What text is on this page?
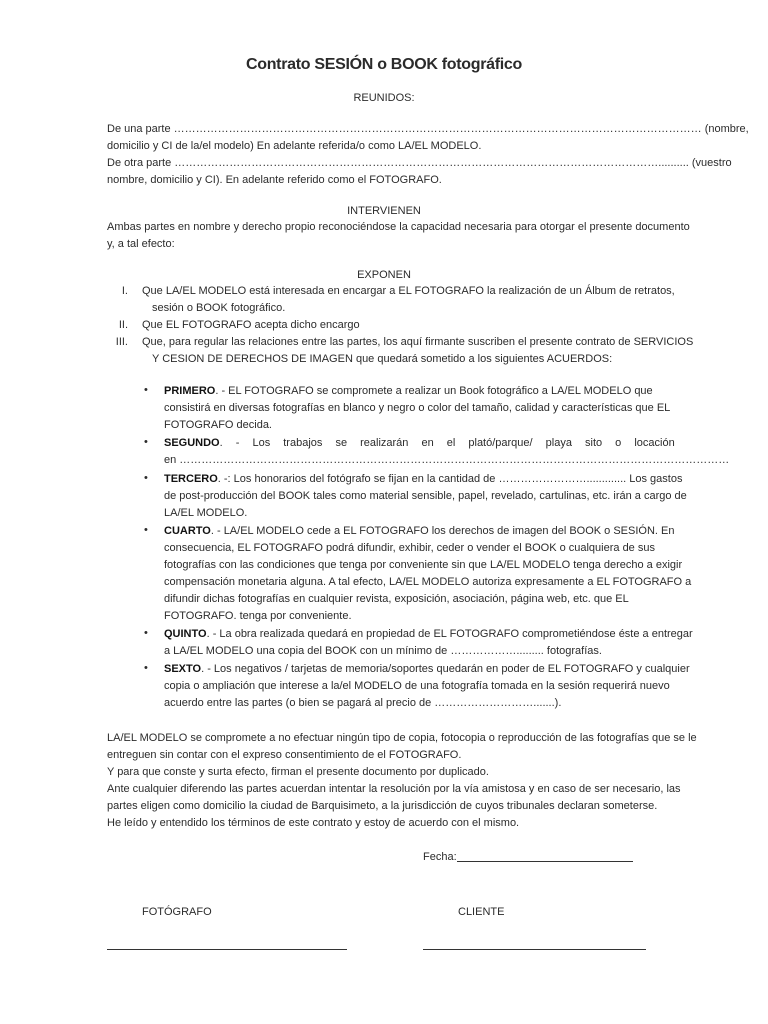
Contrato SESIÓN o BOOK fotográfico
REUNIDOS:
De una parte ……………………………………………………………………………………………………………………………… (nombre,
domicilio y CI de la/el modelo) En adelante referida/o como LA/EL MODELO.
De otra parte …………………………………………………………………………………………………………………….......... (vuestro
nombre, domicilio y CI). En adelante referido como el FOTOGRAFO.
INTERVIENEN
Ambas partes en nombre y derecho propio reconociéndose la capacidad necesaria para otorgar el presente documento
y, a tal efecto:
EXPONEN
I. Que LA/EL MODELO está interesada en encargar a EL FOTOGRAFO la realización de un Álbum de retratos,
sesión o BOOK fotográfico.
II. Que EL FOTOGRAFO acepta dicho encargo
III. Que, para regular las relaciones entre las partes, los aquí firmante suscriben el presente contrato de SERVICIOS
Y CESION DE DERECHOS DE IMAGEN que quedará sometido a los siguientes ACUERDOS:
• PRIMERO. - EL FOTOGRAFO se compromete a realizar un Book fotográfico a LA/EL MODELO que
consistirá en diversas fotografías en blanco y negro o color del tamaño, calidad y características que EL
FOTOGRAFO decida.
• SEGUNDO. - Los trabajos se realizarán en el plató/parque/ playa sito o locación
en ……………………………………………………………………………………………………………………………………
• TERCERO. -: Los honorarios del fotógrafo se fijan en la cantidad de ……………………............. Los gastos
de post-producción del BOOK tales como material sensible, papel, revelado, cartulinas, etc. irán a cargo de
LA/EL MODELO.
• CUARTO. - LA/EL MODELO cede a EL FOTOGRAFO los derechos de imagen del BOOK o SESIÓN. En
consecuencia, EL FOTOGRAFO podrá difundir, exhibir, ceder o vender el BOOK o cualquiera de sus
fotografías con las condiciones que tenga por conveniente sin que LA/EL MODELO tenga derecho a exigir
compensación monetaria alguna. A tal efecto, LA/EL MODELO autoriza expresamente a EL FOTOGRAFO a
difundir dichas fotografías en cualquier revista, exposición, asociación, página web, etc. que EL
FOTOGRAFO. tenga por conveniente.
• QUINTO. - La obra realizada quedará en propiedad de EL FOTOGRAFO comprometiéndose éste a entregar
a LA/EL MODELO una copia del BOOK con un mínimo de ………………......... fotografías.
• SEXTO. - Los negativos / tarjetas de memoria/soportes quedarán en poder de EL FOTOGRAFO y cualquier
copia o ampliación que interese a la/el MODELO de una fotografía tomada en la sesión requerirá nuevo
acuerdo entre las partes (o bien se pagará al precio de ……………………….......).
LA/EL MODELO se compromete a no efectuar ningún tipo de copia, fotocopia o reproducción de las fotografías que se le
entreguen sin contar con el expreso consentimiento de el FOTOGRAFO.
Y para que conste y surta efecto, firman el presente documento por duplicado.
Ante cualquier diferendo las partes acuerdan intentar la resolución por la vía amistosa y en caso de ser necesario, las
partes eligen como domicilio la ciudad de Barquisimeto, a la jurisdicción de cuyos tribunales declaran someterse.
He leído y entendido los términos de este contrato y estoy de acuerdo con el mismo.
Fecha:
FOTÓGRAFO	CLIENTE
